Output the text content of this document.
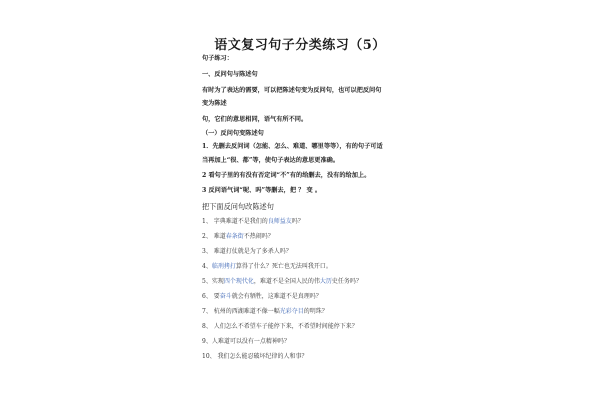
语文复习句子分类练习（5）
句子练习：
一、反问句与陈述句
有时为了表达的需要，可以把陈述句变为反问句，也可以把反问句
变为陈述
句，它们的意思相同，语气有所不同。
（一）反问句变陈述句
1．先删去反问词（怎能、怎么、难道、哪里等等），有的句子可适
当再加上“很、都”等，使句子表达的意思更准确。
2 看句子里的有没有否定词“不”有的给删去，没有的给加上。
3 反问语气词“呢、吗”等删去，把 ？ 变 。
把下面反问句改陈述句
1、 字典难道不是我们的良师益友吗？
2、 难道春条街不热闹吗？
3、 难道打仗就是为了多杀人吗？
4、临刑拷打算得了什么？死亡也无法叫我开口。
5、实现四个现代化，难道不是全国人民的伟大历史任务吗？
6、 要奋斗就会有牺牲，这难道不是真理吗？
7、 杭州的西湖难道不像一幅光彩夺目的明珠？
8、 人们怎么不希望车子能停下来，不希望时间能停下来？
9、人难道可以没有一点精神吗？
10、 我们怎么能忍破坏纪律的人和事？
